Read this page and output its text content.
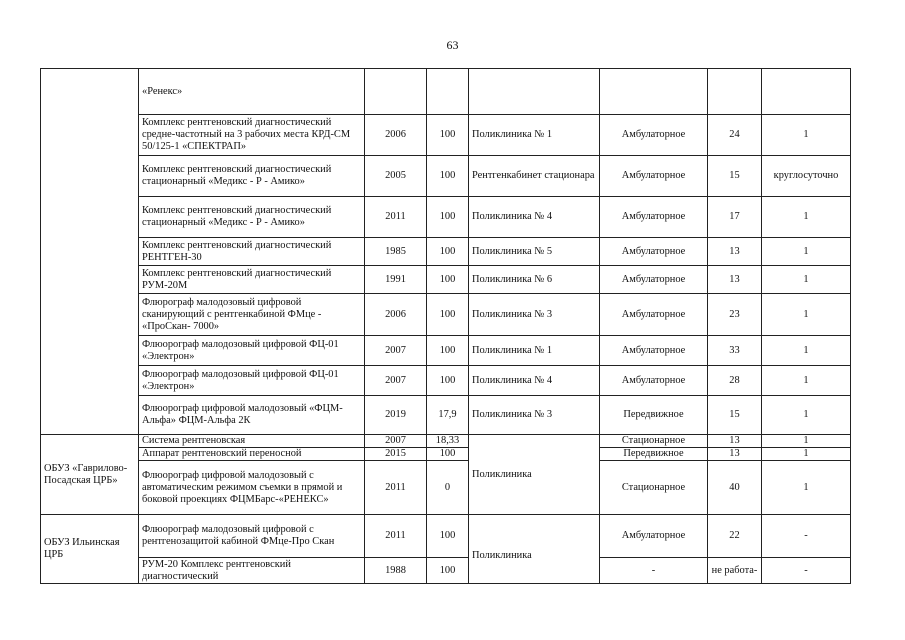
63
	«Ренекс»						
	Комплекс рентгеновский диагностический средне-частотный на 3 рабочих места КРД-СМ 50/125-1 «СПЕКТРАП»	2006	100	Поликлиника № 1	Амбулаторное	24	1
	Комплекс рентгеновский диагностический стационарный «Медикс - Р - Амико»	2005	100	Рентгенкабинет стационара	Амбулаторное	15	круглосуточно
	Комплекс рентгеновский диагностический стационарный «Медикс - Р - Амико»	2011	100	Поликлиника № 4	Амбулаторное	17	1
	Комплекс рентгеновский диагностический РЕНТГЕН-30	1985	100	Поликлиника № 5	Амбулаторное	13	1
	Комплекс рентгеновский диагностический РУМ-20М	1991	100	Поликлиника № 6	Амбулаторное	13	1
	Флюрограф малодозовый цифровой сканирующий с рентгенкабиной ФМце - «ПроСкан- 7000»	2006	100	Поликлиника № 3	Амбулаторное	23	1
	Флюорограф малодозовый цифровой ФЦ-01 «Электрон»	2007	100	Поликлиника № 1	Амбулаторное	33	1
	Флюорограф малодозовый цифровой ФЦ-01 «Электрон»	2007	100	Поликлиника № 4	Амбулаторное	28	1
	Флюорограф цифровой малодозовый «ФЦМ-Альфа» ФЦМ-Альфа 2К	2019	17,9	Поликлиника № 3	Передвижное	15	1
ОБУЗ «Гаврилово-Посадская ЦРБ»	Система рентгеновская	2007	18,33	Поликлиника	Стационарное	13	1
	Аппарат рентгеновский переносной	2015	100		Передвижное	13	1
	Флюорограф цифровой малодозовый с автоматическим режимом съемки в прямой и боковой проекциях ФЦМБарс-«РЕНЕКС»	2011	0		Стационарное	40	1
ОБУЗ Ильинская ЦРБ	Флюорограф малодозовый цифровой с рентгенозащитой кабиной ФМце-Про Скан	2011	100	Поликлиника	Амбулаторное	22	-
	РУМ-20 Комплекс рентгеновский диагностический	1988	100		-	не работа-	-
